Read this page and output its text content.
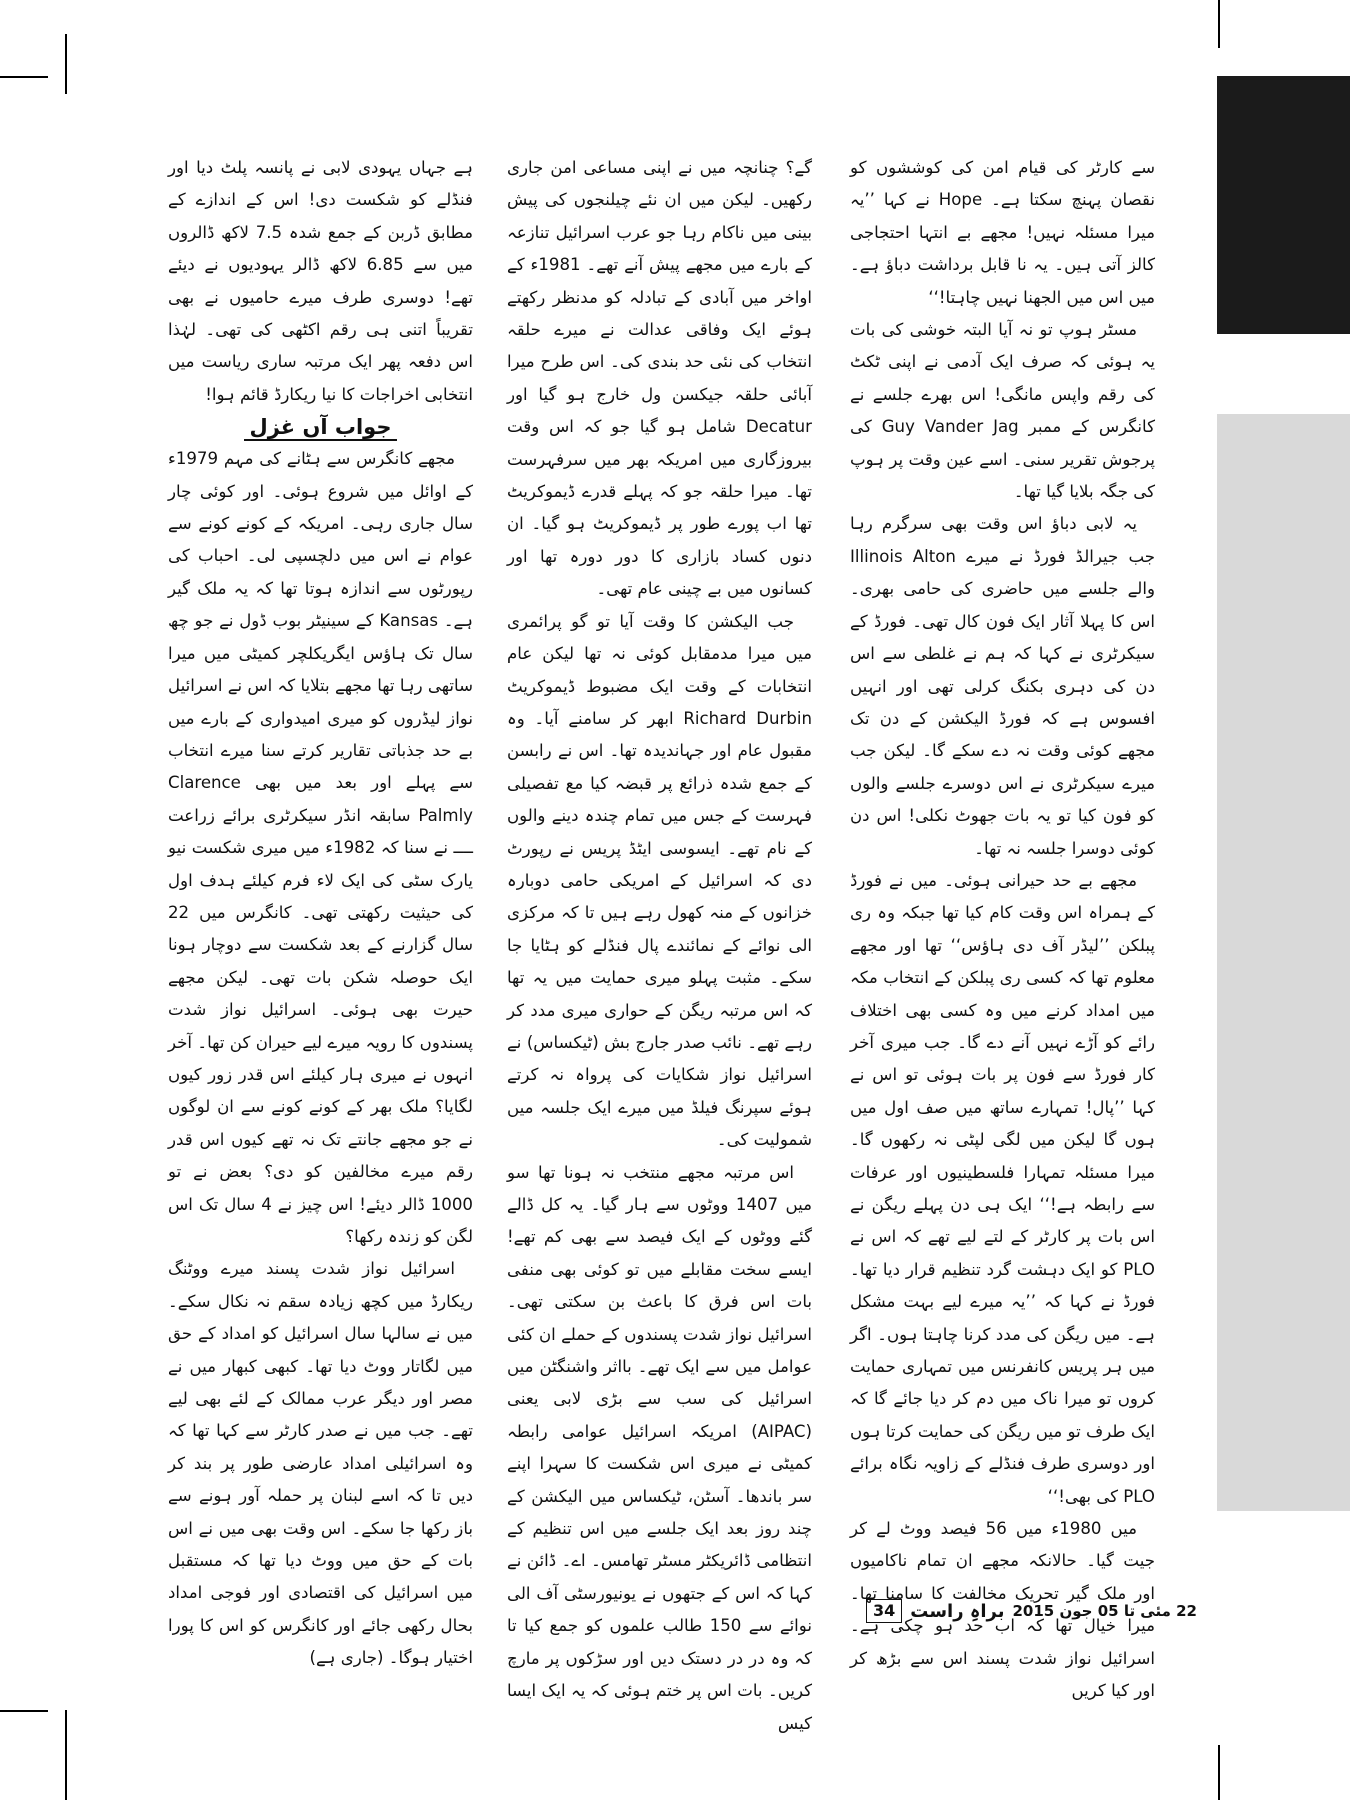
سے کارٹر کی قیام امن کی کوششوں کو نقصان پہنچ سکتا ہے۔ Hope نے کہا ’’یہ میرا مسئلہ نہیں! مجھے بے انتہا احتجاجی کالز آتی ہیں۔ یہ نا قابل برداشت دباؤ ہے۔ میں اس میں الجھنا نہیں چاہتا!‘‘

مسٹر ہوپ تو نہ آیا البتہ خوشی کی بات یہ ہوئی کہ صرف ایک آدمی نے اپنی ٹکٹ کی رقم واپس مانگی! اس بھرے جلسے نے کانگرس کے ممبر Guy Vander Jag کی پرجوش تقریر سنی۔ اسے عین وقت پر ہوپ کی جگہ بلایا گیا تھا۔

یہ لابی دباؤ اس وقت بھی سرگرم رہا جب جیرالڈ فورڈ نے میرے Illinois Alton والے جلسے میں حاضری کی حامی بھری۔ اس کا پہلا آثار ایک فون کال تھی۔ فورڈ کے سیکرٹری نے کہا کہ ہم نے غلطی سے اس دن کی دہری بکنگ کرلی تھی اور انہیں افسوس ہے کہ فورڈ الیکشن کے دن تک مجھے کوئی وقت نہ دے سکے گا۔ لیکن جب میرے سیکرٹری نے اس دوسرے جلسے والوں کو فون کیا تو یہ بات جھوٹ نکلی! اس دن کوئی دوسرا جلسہ نہ تھا۔

مجھے بے حد حیرانی ہوئی۔ میں نے فورڈ کے ہمراہ اس وقت کام کیا تھا جبکہ وہ ری پبلکن ’’لیڈر آف دی ہاؤس‘‘ تھا اور مجھے معلوم تھا کہ کسی ری پبلکن کے انتخاب مکہ میں امداد کرنے میں وہ کسی بھی اختلاف رائے کو آڑے نہیں آنے دے گا۔ جب میری آخر کار فورڈ سے فون پر بات ہوئی تو اس نے کہا ’’پال! تمہارے ساتھ میں صف اول میں ہوں گا لیکن میں لگی لپٹی نہ رکھوں گا۔ میرا مسئلہ تمہارا فلسطینیوں اور عرفات سے رابطہ ہے!‘‘ ایک ہی دن پہلے ریگن نے اس بات پر کارٹر کے لتے لیے تھے کہ اس نے PLO کو ایک دہشت گرد تنظیم قرار دیا تھا۔ فورڈ نے کہا کہ ’’یہ میرے لیے بہت مشکل ہے۔ میں ریگن کی مدد کرنا چاہتا ہوں۔ اگر میں ہر پریس کانفرنس میں تمہاری حمایت کروں تو میرا ناک میں دم کر دیا جائے گا کہ ایک طرف تو میں ریگن کی حمایت کرتا ہوں اور دوسری طرف فنڈلے کے زاویہ نگاہ برائے PLO کی بھی!‘‘

میں 1980ء میں 56 فیصد ووٹ لے کر جیت گیا۔ حالانکہ مجھے ان تمام ناکامیوں اور ملک گیر تحریک مخالفت کا سامنا تھا۔ میرا خیال تھا کہ اب حد ہو چکی ہے۔ اسرائیل نواز شدت پسند اس سے بڑھ کر اور کیا کریں

گے؟ چنانچہ میں نے اپنی مساعی امن جاری رکھیں۔ لیکن میں ان نئے چیلنجوں کی پیش بینی میں ناکام رہا جو عرب اسرائیل تنازعہ کے بارے میں مجھے پیش آنے تھے۔ 1981ء کے اواخر میں آبادی کے تبادلہ کو مدنظر رکھتے ہوئے ایک وفاقی عدالت نے میرے حلقہ انتخاب کی نئی حد بندی کی۔ اس طرح میرا آبائی حلقہ جیکسن ول خارج ہو گیا اور Decatur شامل ہو گیا جو کہ اس وقت بیروزگاری میں امریکہ بھر میں سرفہرست تھا۔ میرا حلقہ جو کہ پہلے قدرے ڈیموکریٹ تھا اب پورے طور پر ڈیموکریٹ ہو گیا۔ ان دنوں کساد بازاری کا دور دورہ تھا اور کسانوں میں بے چینی عام تھی۔

جب الیکشن کا وقت آیا تو گو پرائمری میں میرا مدمقابل کوئی نہ تھا لیکن عام انتخابات کے وقت ایک مضبوط ڈیموکریٹ Richard Durbin ابھر کر سامنے آیا۔ وہ مقبول عام اور جہاندیدہ تھا۔ اس نے رابسن کے جمع شدہ ذرائع پر قبضہ کیا مع تفصیلی فہرست کے جس میں تمام چندہ دینے والوں کے نام تھے۔ ایسوسی ایٹڈ پریس نے رپورٹ دی کہ اسرائیل کے امریکی حامی دوبارہ خزانوں کے منہ کھول رہے ہیں تا کہ مرکزی الی نوائے کے نمائندے پال فنڈلے کو ہٹایا جا سکے۔ مثبت پہلو میری حمایت میں یہ تھا کہ اس مرتبہ ریگن کے حواری میری مدد کر رہے تھے۔ نائب صدر جارج بش (ٹیکساس) نے اسرائیل نواز شکایات کی پرواہ نہ کرتے ہوئے سپرنگ فیلڈ میں میرے ایک جلسہ میں شمولیت کی۔

اس مرتبہ مجھے منتخب نہ ہونا تھا سو میں 1407 ووٹوں سے ہار گیا۔ یہ کل ڈالے گئے ووٹوں کے ایک فیصد سے بھی کم تھے! ایسے سخت مقابلے میں تو کوئی بھی منفی بات اس فرق کا باعث بن سکتی تھی۔ اسرائیل نواز شدت پسندوں کے حملے ان کئی عوامل میں سے ایک تھے۔ بااثر واشنگٹن میں اسرائیل کی سب سے بڑی لابی یعنی (AIPAC) امریکہ اسرائیل عوامی رابطہ کمیٹی نے میری اس شکست کا سہرا اپنے سر باندھا۔ آسٹن، ٹیکساس میں الیکشن کے چند روز بعد ایک جلسے میں اس تنظیم کے انتظامی ڈائریکٹر مسٹر تھامس۔ اے۔ ڈائن نے کہا کہ اس کے جتھوں نے یونیورسٹی آف الی نوائے سے 150 طالب علموں کو جمع کیا تا کہ وہ در در دستک دیں اور سڑکوں پر مارچ کریں۔ بات اس پر ختم ہوئی کہ یہ ایک ایسا کیس

ہے جہاں یہودی لابی نے پانسہ پلٹ دیا اور فنڈلے کو شکست دی! اس کے اندازے کے مطابق ڈربن کے جمع شدہ 7.5 لاکھ ڈالروں میں سے 6.85 لاکھ ڈالر یہودیوں نے دیئے تھے! دوسری طرف میرے حامیوں نے بھی تقریباً اتنی ہی رقم اکٹھی کی تھی۔ لہٰذا اس دفعہ پھر ایک مرتبہ ساری ریاست میں انتخابی اخراجات کا نیا ریکارڈ قائم ہوا!

جواب آں غزل

مجھے کانگرس سے ہٹانے کی مہم 1979ء کے اوائل میں شروع ہوئی۔ اور کوئی چار سال جاری رہی۔ امریکہ کے کونے کونے سے عوام نے اس میں دلچسپی لی۔ احباب کی رپورٹوں سے اندازہ ہوتا تھا کہ یہ ملک گیر ہے۔ Kansas کے سینیٹر بوب ڈول نے جو چھ سال تک ہاؤس ایگریکلچر کمیٹی میں میرا ساتھی رہا تھا مجھے بتلایا کہ اس نے اسرائیل نواز لیڈروں کو میری امیدواری کے بارے میں بے حد جذباتی تقاریر کرتے سنا میرے انتخاب سے پہلے اور بعد میں بھی Clarence Palmly سابقہ انڈر سیکرٹری برائے زراعت ــــ نے سنا کہ 1982ء میں میری شکست نیو یارک سٹی کی ایک لاء فرم کیلئے ہدف اول کی حیثیت رکھتی تھی۔ کانگرس میں 22 سال گزارنے کے بعد شکست سے دوچار ہونا ایک حوصلہ شکن بات تھی۔ لیکن مجھے حیرت بھی ہوئی۔ اسرائیل نواز شدت پسندوں کا رویہ میرے لیے حیران کن تھا۔ آخر انہوں نے میری ہار کیلئے اس قدر زور کیوں لگایا؟ ملک بھر کے کونے کونے سے ان لوگوں نے جو مجھے جانتے تک نہ تھے کیوں اس قدر رقم میرے مخالفین کو دی؟ بعض نے تو 1000 ڈالر دیئے! اس چیز نے 4 سال تک اس لگن کو زندہ رکھا؟

اسرائیل نواز شدت پسند میرے ووٹنگ ریکارڈ میں کچھ زیادہ سقم نہ نکال سکے۔ میں نے سالہا سال اسرائیل کو امداد کے حق میں لگاتار ووٹ دیا تھا۔ کبھی کبھار میں نے مصر اور دیگر عرب ممالک کے لئے بھی لیے تھے۔ جب میں نے صدر کارٹر سے کہا تھا کہ وہ اسرائیلی امداد عارضی طور پر بند کر دیں تا کہ اسے لبنان پر حملہ آور ہونے سے باز رکھا جا سکے۔ اس وقت بھی میں نے اس بات کے حق میں ووٹ دیا تھا کہ مستقبل میں اسرائیل کی اقتصادی اور فوجی امداد بحال رکھی جائے اور کانگرس کو اس کا پورا اختیار ہوگا۔ (جاری ہے)

22 مئی تا 05 جون 2015
براہِ راست
34
